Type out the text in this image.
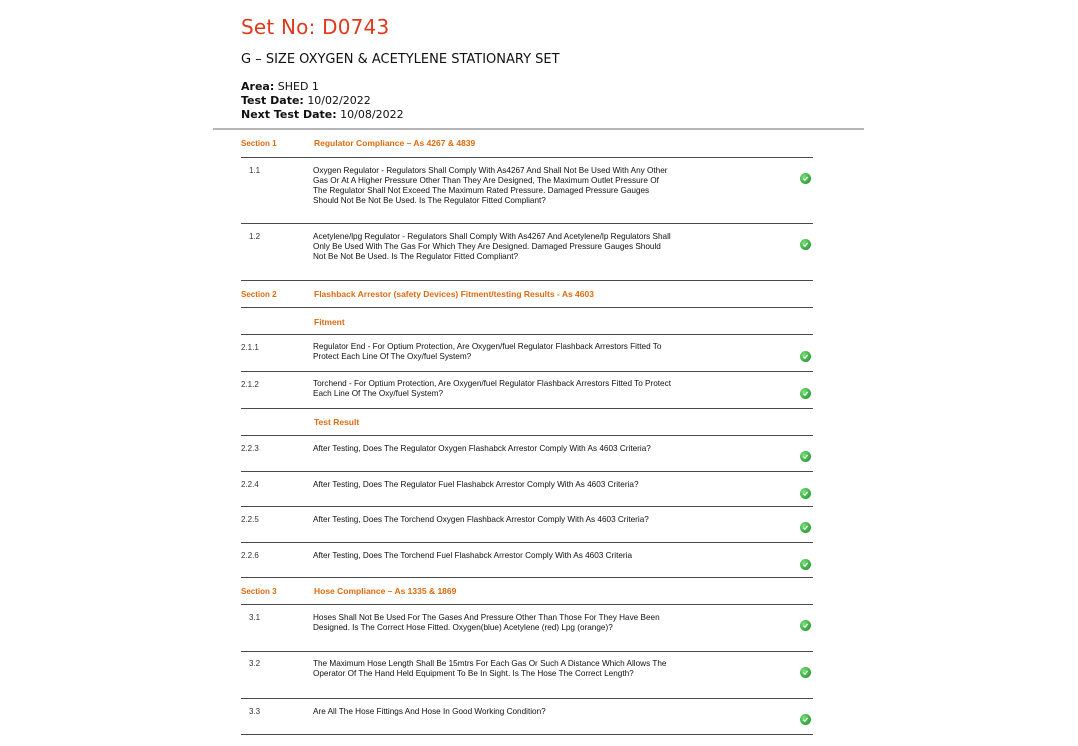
Set No: D0743
G – SIZE OXYGEN & ACETYLENE STATIONARY SET
Area: SHED 1
Test Date: 10/02/2022
Next Test Date: 10/08/2022
Section 1	Regulator Compliance – As 4267 & 4839
1.1	Oxygen Regulator - Regulators Shall Comply With As4267 And Shall Not Be Used With Any Other Gas Or At A Higher Pressure Other Than They Are Designed, The Maximum Outlet Pressure Of The Regulator Shall Not Exceed The Maximum Rated Pressure. Damaged Pressure Gauges Should Not Be Not Be Used. Is The Regulator Fitted Compliant?
1.2	Acetylene/lpg Regulator - Regulators Shall Comply With As4267 And Acetylene/lp Regulators Shall Only Be Used With The Gas For Which They Are Designed. Damaged Pressure Gauges Should Not Be Not Be Used. Is The Regulator Fitted Compliant?
Section 2	Flashback Arrestor (safety Devices) Fitment/testing Results - As 4603
Fitment
2.1.1	Regulator End - For Optium Protection, Are Oxygen/fuel Regulator Flashback Arrestors Fitted To Protect Each Line Of The Oxy/fuel System?
2.1.2	Torchend - For Optium Protection, Are Oxygen/fuel Regulator Flashback Arrestors Fitted To Protect Each Line Of The Oxy/fuel System?
Test Result
2.2.3	After Testing, Does The Regulator Oxygen Flashabck Arrestor Comply With As 4603 Criteria?
2.2.4	After Testing, Does The Regulator Fuel Flashabck Arrestor Comply With As 4603 Criteria?
2.2.5	After Testing, Does The Torchend Oxygen Flashback Arrestor Comply With As 4603 Criteria?
2.2.6	After Testing, Does The Torchend Fuel Flashabck Arrestor Comply With As 4603 Criteria
Section 3	Hose Compliance – As 1335 & 1869
3.1	Hoses Shall Not Be Used For The Gases And Pressure Other Than Those For They Have Been Designed. Is The Correct Hose Fitted. Oxygen(blue) Acetylene (red) Lpg (orange)?
3.2	The Maximum Hose Length Shall Be 15mtrs For Each Gas Or Such A Distance Which Allows The Operator Of The Hand Held Equipment To Be In Sight. Is The Hose The Correct Length?
3.3	Are All The Hose Fittings And Hose In Good Working Condition?
